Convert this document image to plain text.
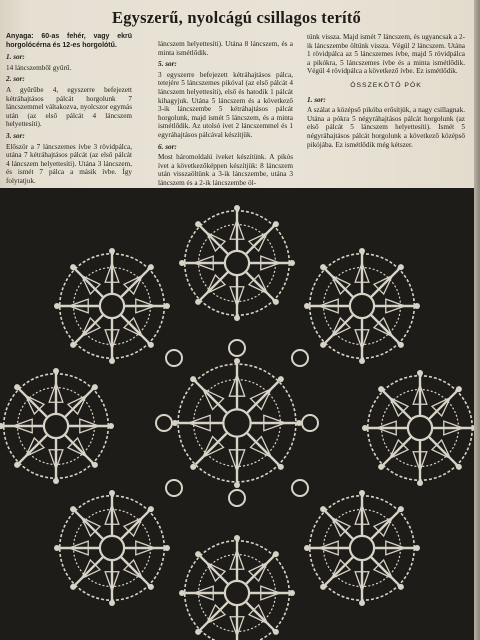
Egyszerű, nyolcágú csillagos terítő

Anyaga: 60-as fehér, vagy ekrü horgolócérna és 12-es horgolótű.

1. sor:

14 láncszemből gyűrű.

2. sor:

A gyűrűbe 4, egyszerre befejezett kétráhajtásos pálcát horgolunk 7 láncszemmel váltakozva, nyolcszor egymás után (az első pálcát 4 láncszem helyettesíti).

3. sor:

Először a 7 láncszemes ívbe 3 rövidpálca, utána 7 kétráhajtásos pálcát (az első pálcát 4 láncszem helyettesíti). Utána 3 láncszem, és ismét 7 pálca a másik ívbe. Így folytatjuk.

láncszem helyettesíti). Utána 8 láncszem, és a minta ismétlődik.

5. sor:

3 egyszerre befejezett kétráhajtásos pálca, tetejére 5 láncszemes pikóval (az első pálcát 4 láncszem helyettesíti), első és hatodik 1 pálcát kihagyjuk. Utána 5 láncszem és a következő 3-ik láncszembe 5 kétráhajtásos pálcát horgolunk, majd ismét 5 láncszem, és a minta ismétlődik. Az utolsó ívet 2 láncszemmel és 1 egyráhajtásos pálcával készítjük.

6. sor:

Most háromoldalú íveket készítünk. A pikós ívet a következőképpen készítjük: 8 láncszem után visszaöltünk a 3-ik láncszembe, utána 3 láncszem és a 2-ik láncszembe öl-

tünk vissza. Majd ismét 7 láncszem, és ugyancsak a 2-ik láncszembe öltünk vissza. Végül 2 láncszem. Utána 1 rövidpálca az 5 láncszemes ívbe, majd 5 rövidpálca a pikókra, 5 láncszemes ívbe és a minta ismétlődik. Végül 4 rövidpálca a következő ívbe. Ez ismétlődik.

ÖSSZEKÖTŐ PÓK

1. sor:

A szálat a középső pikóba erősítjük, a nagy csillagnak. Utána a pókra 5 négyráhajtásos pálcát horgolunk (az első pálcát 5 láncszem helyettesíti). Ismét 5 négyráhajtásos pálcát horgolunk a következő középső pikójába. Ez ismétlődik még kétszer.
